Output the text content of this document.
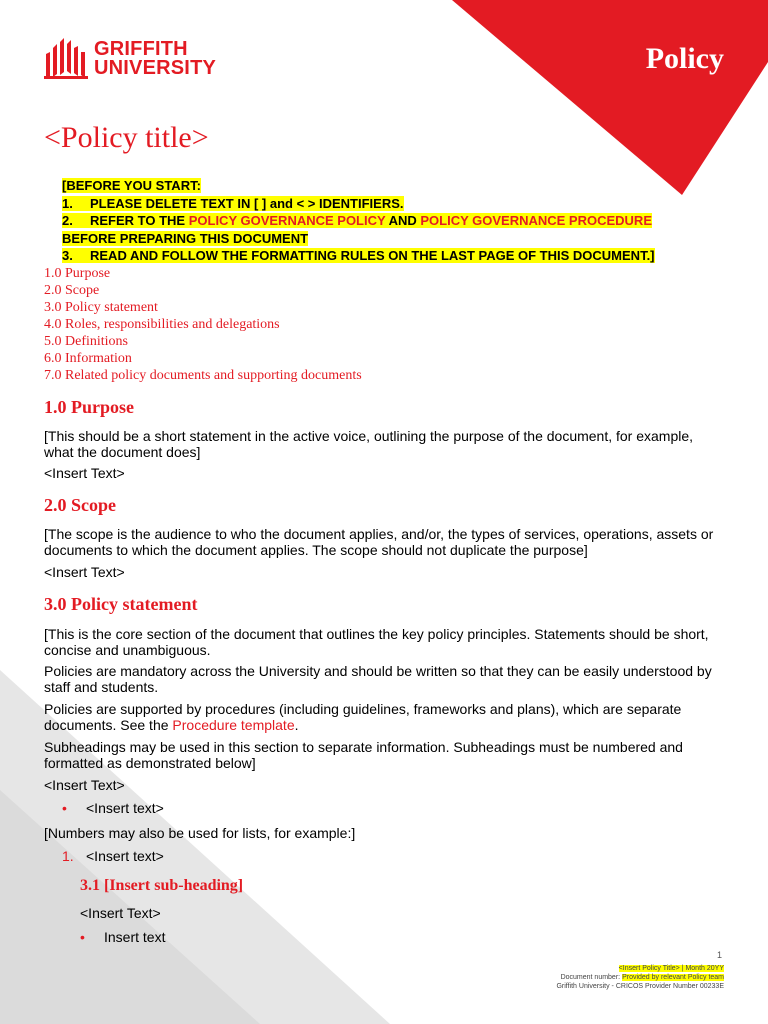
GRIFFITH
UNIVERSITY	Policy
<Policy title>
[BEFORE YOU START:
1. PLEASE DELETE TEXT IN [ ] and < > IDENTIFIERS.
2. REFER TO THE POLICY GOVERNANCE POLICY AND POLICY GOVERNANCE PROCEDURE
BEFORE PREPARING THIS DOCUMENT
3. READ AND FOLLOW THE FORMATTING RULES ON THE LAST PAGE OF THIS DOCUMENT.]
1.0 Purpose
2.0 Scope
3.0 Policy statement
4.0 Roles, responsibilities and delegations
5.0 Definitions
6.0 Information
7.0 Related policy documents and supporting documents
1.0 Purpose
[This should be a short statement in the active voice, outlining the purpose of the document, for example, what the document does]
<Insert Text>
2.0 Scope
[The scope is the audience to who the document applies, and/or, the types of services, operations, assets or documents to which the document applies. The scope should not duplicate the purpose]
<Insert Text>
3.0 Policy statement
[This is the core section of the document that outlines the key policy principles. Statements should be short, concise and unambiguous.
Policies are mandatory across the University and should be written so that they can be easily understood by staff and students.
Policies are supported by procedures (including guidelines, frameworks and plans), which are separate documents. See the Procedure template.
Subheadings may be used in this section to separate information. Subheadings must be numbered and formatted as demonstrated below]
<Insert Text>
• <Insert text>
[Numbers may also be used for lists, for example:]
1. <Insert text>
3.1 [Insert sub-heading]
<Insert Text>
• Insert text
1
<Insert Policy Title> | Month 20YY
Document number: Provided by relevant Policy team
Griffith University - CRICOS Provider Number 00233E
